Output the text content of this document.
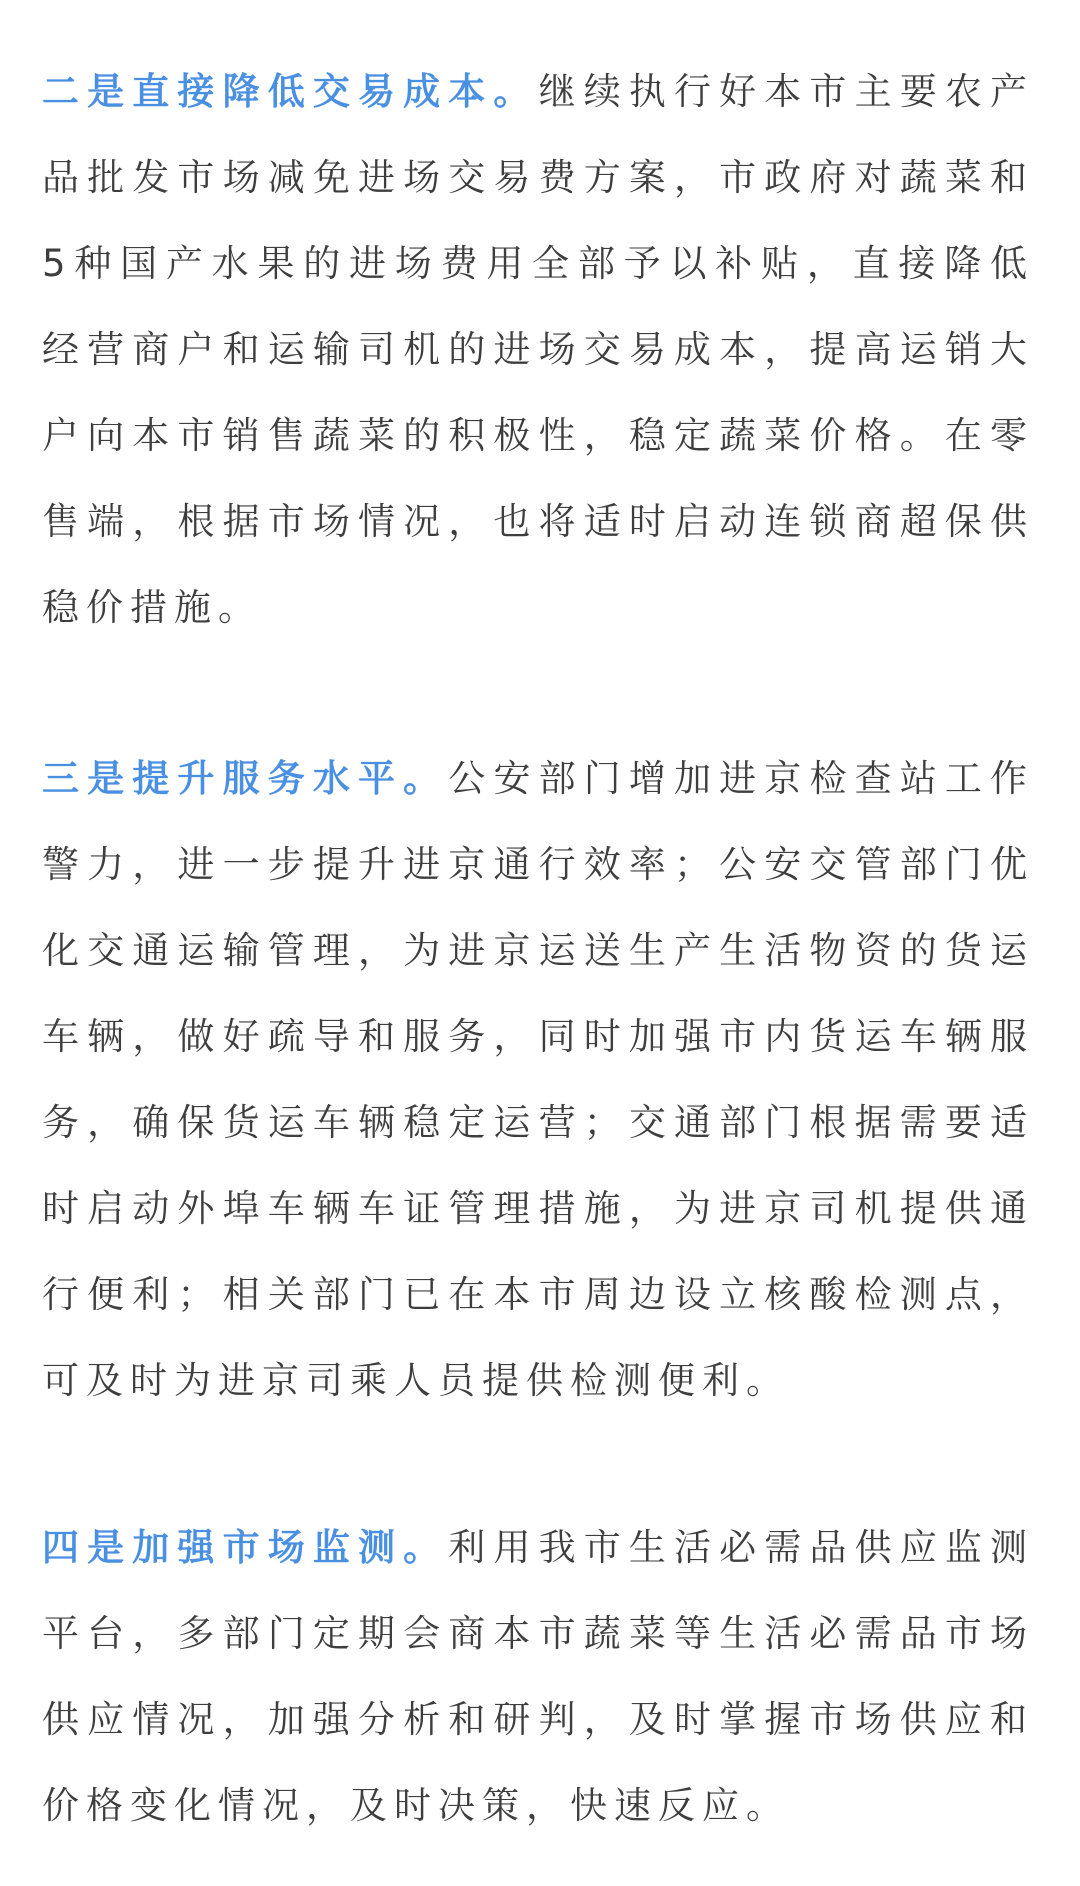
二是直接降低交易成本。继续执行好本市主要农产品批发市场减免进场交易费方案，市政府对蔬菜和5种国产水果的进场费用全部予以补贴，直接降低经营商户和运输司机的进场交易成本，提高运销大户向本市销售蔬菜的积极性，稳定蔬菜价格。在零售端，根据市场情况，也将适时启动连锁商超保供稳价措施。

三是提升服务水平。公安部门增加进京检查站工作警力，进一步提升进京通行效率；公安交管部门优化交通运输管理，为进京运送生产生活物资的货运车辆，做好疏导和服务，同时加强市内货运车辆服务，确保货运车辆稳定运营；交通部门根据需要适时启动外埠车辆车证管理措施，为进京司机提供通行便利；相关部门已在本市周边设立核酸检测点，可及时为进京司乘人员提供检测便利。

四是加强市场监测。利用我市生活必需品供应监测平台，多部门定期会商本市蔬菜等生活必需品市场供应情况，加强分析和研判，及时掌握市场供应和价格变化情况，及时决策，快速反应。
